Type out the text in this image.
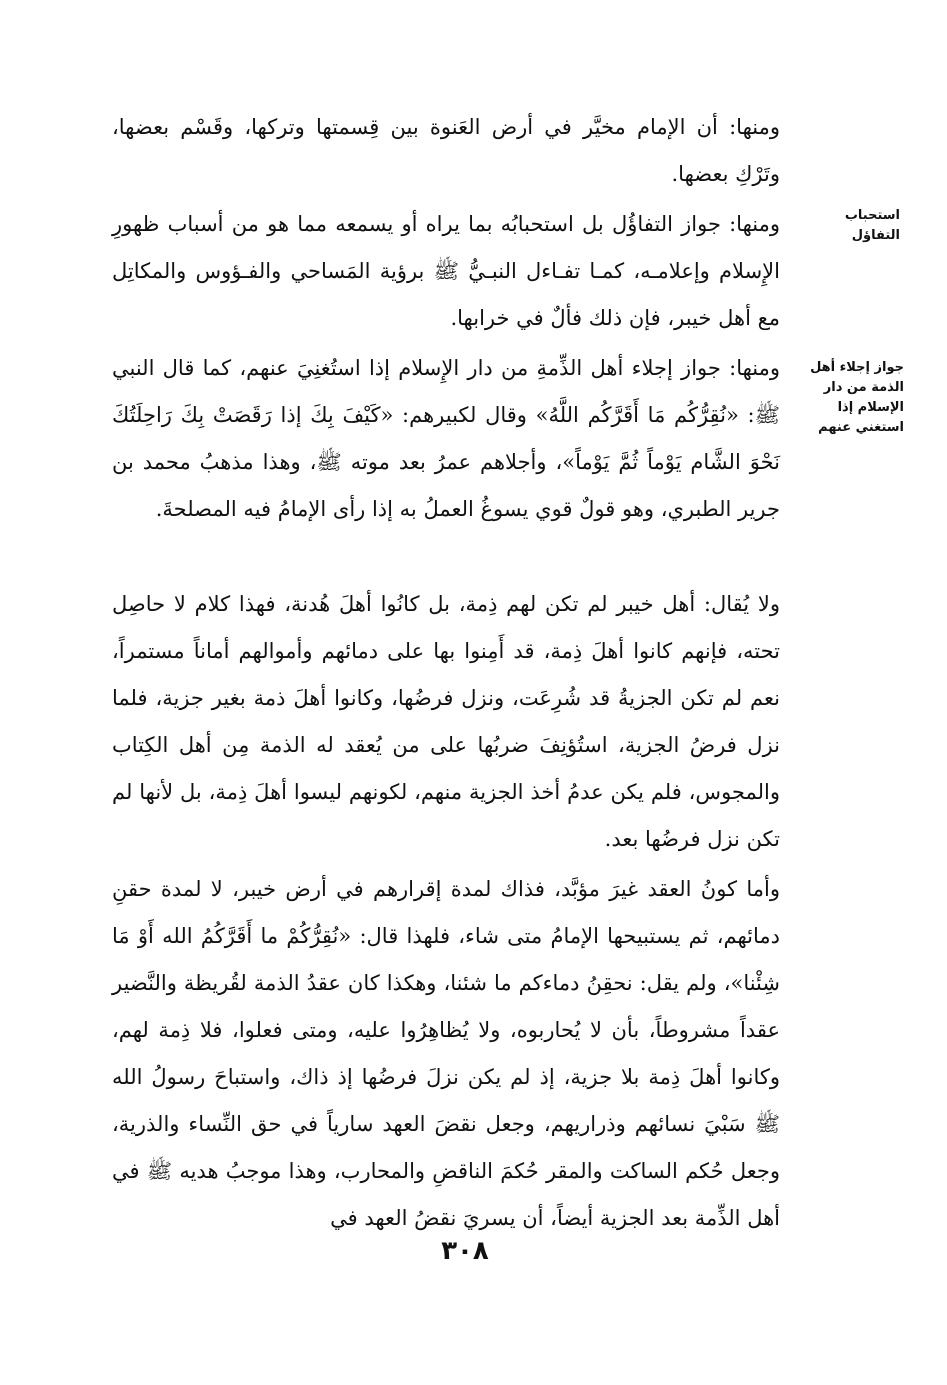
ومنها: أن الإمام مخيَّر في أرض العَنوة بين قِسمتها وتركها، وقَسْم بعضها، وتَرْكِ بعضها.

ومنها: جواز التفاؤُل بل استحبابُه بما يراه أو يسمعه مما هو من أسباب ظهورِ الإِسلام وإعلامـه، كمـا تفـاءل النبـيُّ ﷺ برؤية المَساحي والفـؤوس والمكاتِل مع أهل خيبر، فإن ذلك فألٌ في خرابها.

ومنها: جواز إجلاء أهل الذِّمةِ من دار الإِسلام إذا استُغنِيَ عنهم، كما قال النبي ﷺ: «نُقِرُّكُم مَا أَقَرَّكُم اللَّهُ» وقال لكبيرهم: «كَيْفَ بِكَ إذا رَقَصَتْ بِكَ رَاحِلَتُكَ نَحْوَ الشَّام يَوْماً ثُمَّ يَوْماً»، وأجلاهم عمرُ بعد موته ﷺ، وهذا مذهبُ محمد بن جرير الطبري، وهو قولٌ قوي يسوغُ العملُ به إذا رأى الإمامُ فيه المصلحةَ.

ولا يُقال: أهل خيبر لم تكن لهم ذِمة، بل كانُوا أهلَ هُدنة، فهذا كلام لا حاصِل تحته، فإنهم كانوا أهلَ ذِمة، قد أَمِنوا بها على دمائهم وأموالهم أماناً مستمراً، نعم لم تكن الجزيةُ قد شُرِعَت، ونزل فرضُها، وكانوا أهلَ ذمة بغير جزية، فلما نزل فرضُ الجزية، استُؤنِفَ ضربُها على من يُعقد له الذمة مِن أهل الكِتاب والمجوس، فلم يكن عدمُ أخذ الجزية منهم، لكونهم ليسوا أهلَ ذِمة، بل لأنها لم تكن نزل فرضُها بعد.

وأما كونُ العقد غيرَ مؤبَّد، فذاك لمدة إقرارهم في أرض خيبر، لا لمدة حقنِ دمائهم، ثم يستبيحها الإمامُ متى شاء، فلهذا قال: «نُقِرُّكُمْ ما أَقَرَّكُمُ الله أَوْ مَا شِئْنا»، ولم يقل: نحقِنُ دماءكم ما شئنا، وهكذا كان عقدُ الذمة لقُريظة والنَّضير عقداً مشروطاً، بأن لا يُحاربوه، ولا يُظاهِرُوا عليه، ومتى فعلوا، فلا ذِمة لهم، وكانوا أهلَ ذِمة بلا جزية، إذ لم يكن نزلَ فرضُها إذ ذاك، واستباحَ رسولُ الله ﷺ سَبْيَ نسائهم وذراريهم، وجعل نقضَ العهد سارياً في حق النِّساء والذرية، وجعل حُكم الساكت والمقر حُكمَ الناقضِ والمحارب، وهذا موجبُ هديه ﷺ في أهل الذِّمة بعد الجزية أيضاً، أن يسريَ نقضُ العهد في

استحباب التفاؤل

جواز إجلاء أهل الذمة من دار الإسلام إذا استغني عنهم

٣٠٨
